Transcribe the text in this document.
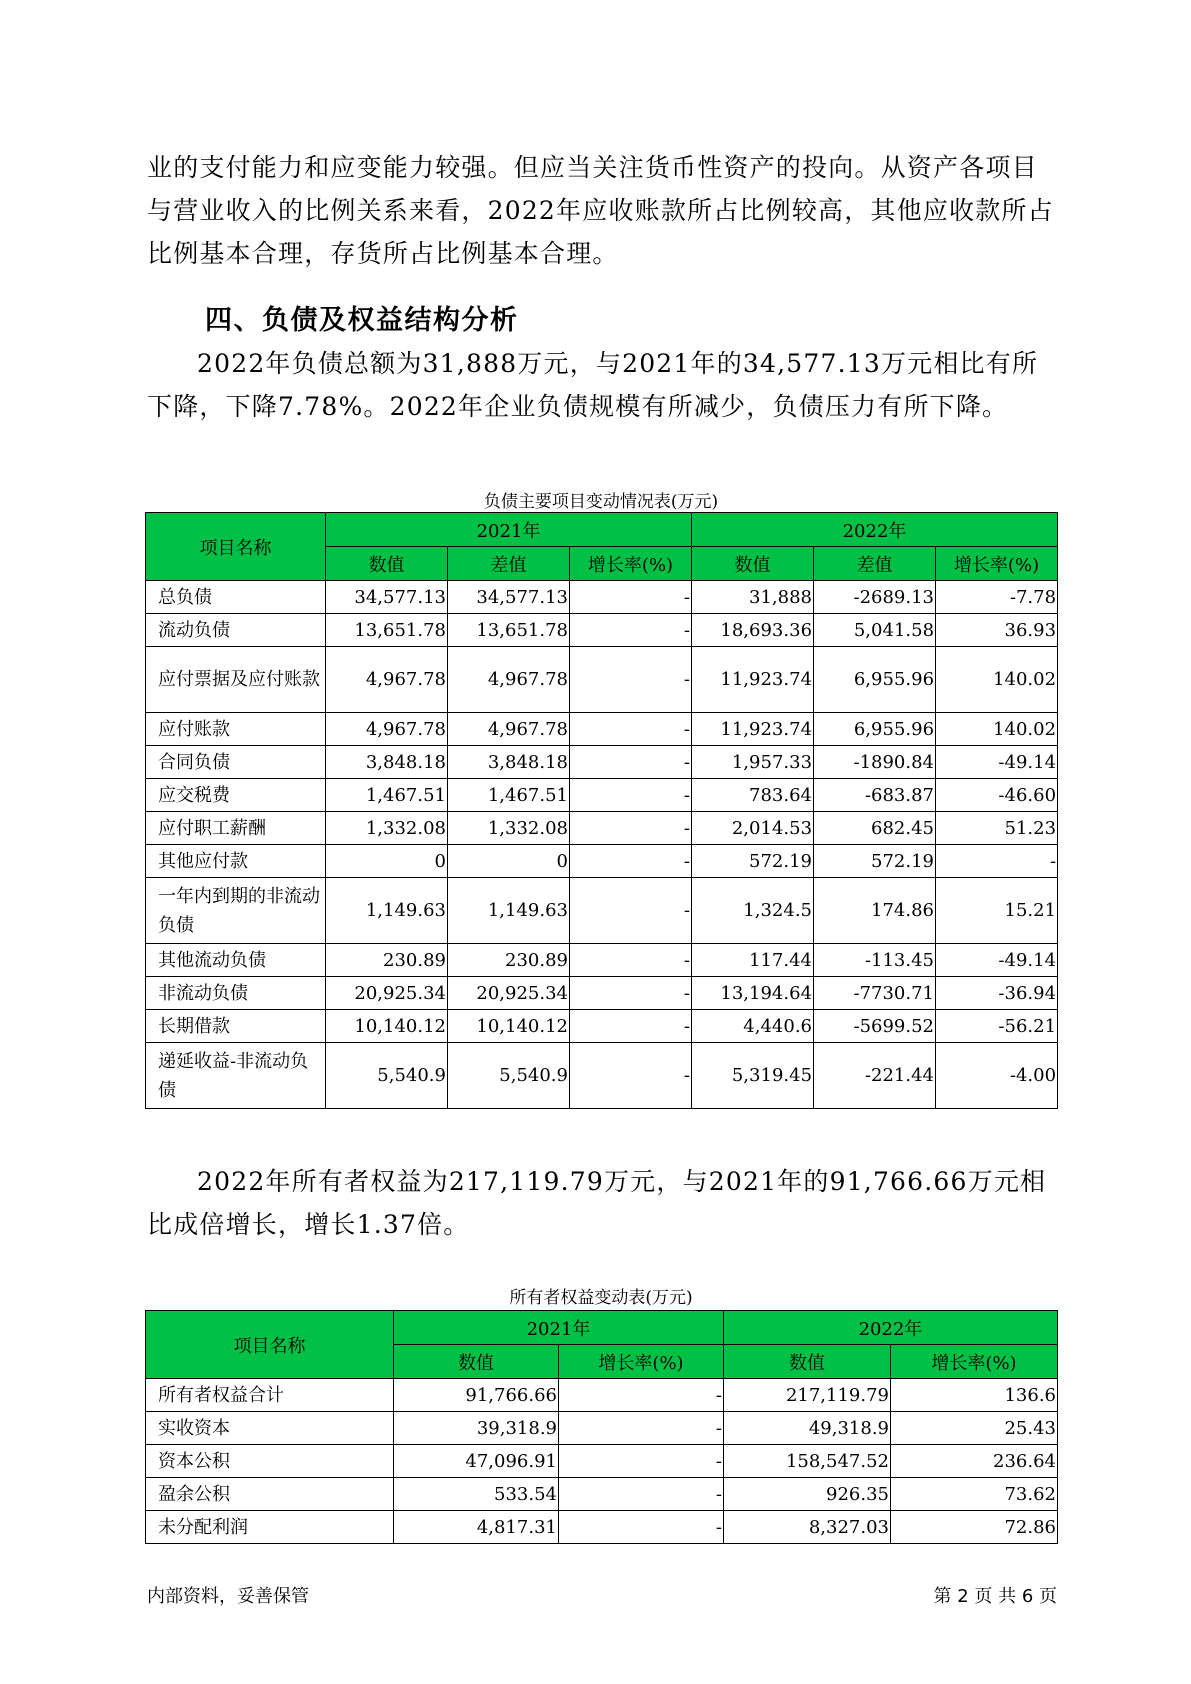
业的支付能力和应变能力较强。但应当关注货币性资产的投向。从资产各项目与营业收入的比例关系来看，2022年应收账款所占比例较高，其他应收款所占比例基本合理，存货所占比例基本合理。

四、负债及权益结构分析

2022年负债总额为31,888万元，与2021年的34,577.13万元相比有所下降，下降7.78%。2022年企业负债规模有所减少，负债压力有所下降。

负债主要项目变动情况表(万元)

项目名称	2021年			2022年		
	数值	差值	增长率(%)	数值	差值	增长率(%)
总负债	34,577.13	34,577.13	-	31,888	-2689.13	-7.78
流动负债	13,651.78	13,651.78	-	18,693.36	5,041.58	36.93
应付票据及应付账款	4,967.78	4,967.78	-	11,923.74	6,955.96	140.02
应付账款	4,967.78	4,967.78	-	11,923.74	6,955.96	140.02
合同负债	3,848.18	3,848.18	-	1,957.33	-1890.84	-49.14
应交税费	1,467.51	1,467.51	-	783.64	-683.87	-46.60
应付职工薪酬	1,332.08	1,332.08	-	2,014.53	682.45	51.23
其他应付款	0	0	-	572.19	572.19	-
一年内到期的非流动负债	1,149.63	1,149.63	-	1,324.5	174.86	15.21
其他流动负债	230.89	230.89	-	117.44	-113.45	-49.14
非流动负债	20,925.34	20,925.34	-	13,194.64	-7730.71	-36.94
长期借款	10,140.12	10,140.12	-	4,440.6	-5699.52	-56.21
递延收益-非流动负债	5,540.9	5,540.9	-	5,319.45	-221.44	-4.00

2022年所有者权益为217,119.79万元，与2021年的91,766.66万元相比成倍增长，增长1.37倍。

所有者权益变动表(万元)

项目名称	2021年		2022年	
	数值	增长率(%)	数值	增长率(%)
所有者权益合计	91,766.66	-	217,119.79	136.6
实收资本	39,318.9	-	49,318.9	25.43
资本公积	47,096.91	-	158,547.52	236.64
盈余公积	533.54	-	926.35	73.62
未分配利润	4,817.31	-	8,327.03	72.86
内部资料，妥善保管	第 2 页 共 6 页
